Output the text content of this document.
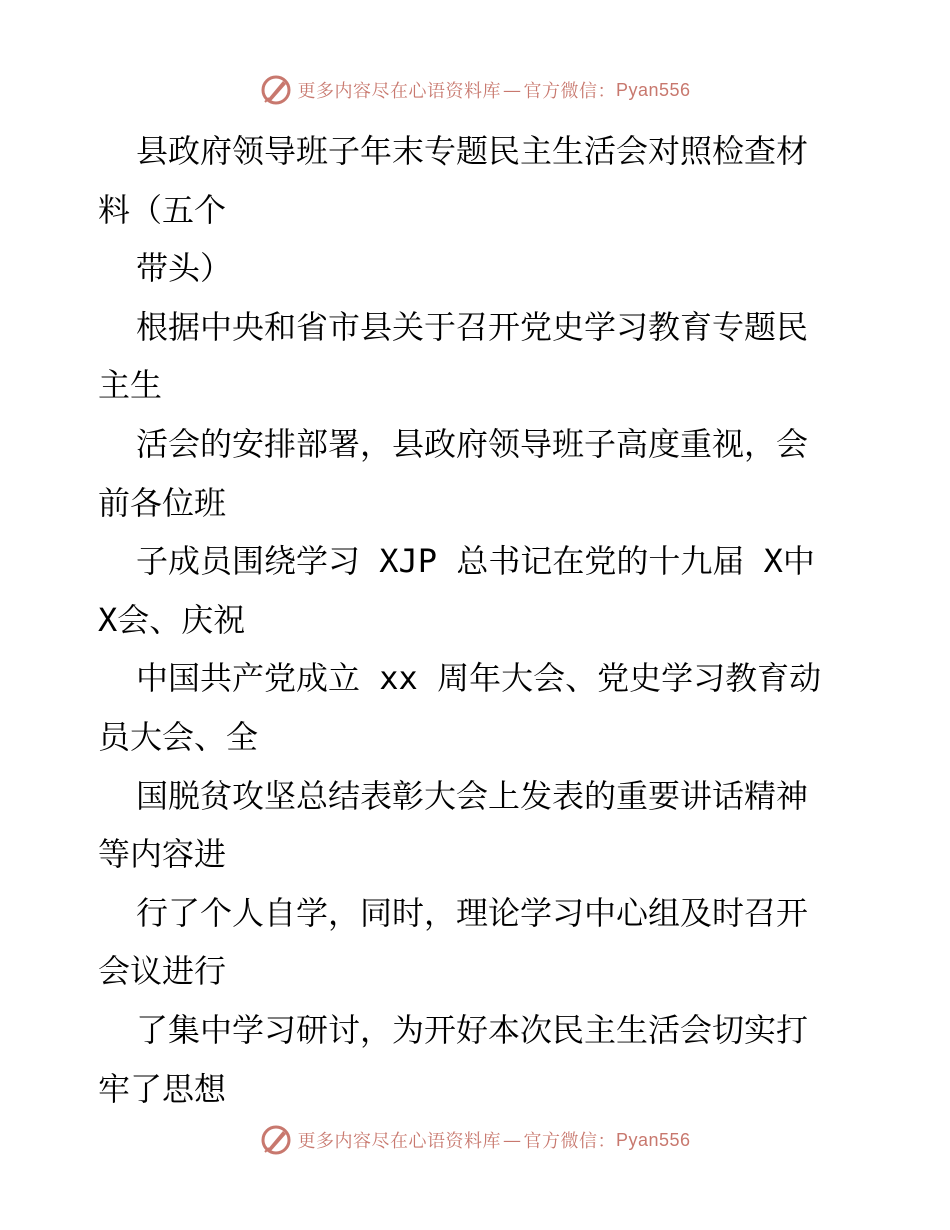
更多内容尽在心语资料库 — 官方微信： Pyan556
县政府领导班子年末专题民主生活会对照检查材
料（五个
带头）
根据中央和省市县关于召开党史学习教育专题民
主生
活会的安排部署，县政府领导班子高度重视，会
前各位班
子成员围绕学习 XJP 总书记在党的十九届 X中
X会、庆祝
中国共产党成立 xx 周年大会、党史学习教育动
员大会、全
国脱贫攻坚总结表彰大会上发表的重要讲话精神
等内容进
行了个人自学，同时，理论学习中心组及时召开
会议进行
了集中学习研讨，为开好本次民主生活会切实打
牢了思想
更多内容尽在心语资料库 — 官方微信： Pyan556
